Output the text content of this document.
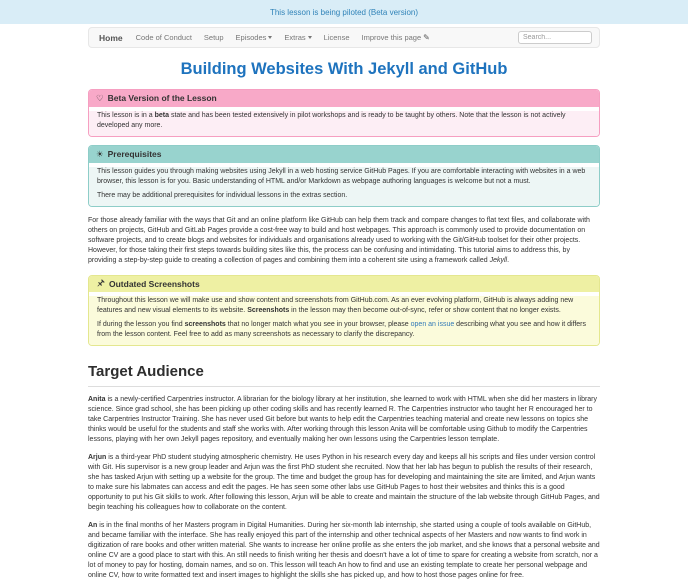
This lesson is being piloted (Beta version)
Home	Code of Conduct	Setup	Episodes	Extras	License	Improve this page ✎
Search...
Building Websites With Jekyll and GitHub
♡ Beta Version of the Lesson

This lesson is in a beta state and has been tested extensively in pilot workshops and is ready to be taught by others. Note that the lesson is not actively developed any more.

☀ Prerequisites

This lesson guides you through making websites using Jekyll in a web hosting service GitHub Pages. If you are comfortable interacting with websites in a web browser, this lesson is for you. Basic understanding of HTML and/or Markdown as webpage authoring languages is welcome but not a must.

There may be additional prerequisites for individual lessons in the extras section.

For those already familiar with the ways that Git and an online platform like GitHub can help them track and compare changes to flat text files, and collaborate with others on projects, GitHub and GitLab Pages provide a cost-free way to build and host webpages. This approach is commonly used to provide documentation on software projects, and to create blogs and websites for individuals and organisations already used to working with the Git/GitHub toolset for their other projects. However, for those taking their first steps towards building sites like this, the process can be confusing and intimidating. This tutorial aims to address this, by providing a step-by-step guide to creating a collection of pages and combining them into a coherent site using a framework called Jekyll.

Outdated Screenshots

Throughout this lesson we will make use and show content and screenshots from GitHub.com. As an ever evolving platform, GitHub is always adding new features and new visual elements to its website. Screenshots in the lesson may then become out-of-sync, refer or show content that no longer exists.

If during the lesson you find screenshots that no longer match what you see in your browser, please open an issue describing what you see and how it differs from the lesson content. Feel free to add as many screenshots as necessary to clarify the discrepancy.

Target Audience

Anita is a newly-certified Carpentries instructor. A librarian for the biology library at her institution, she learned to work with HTML when she did her masters in library science. Since grad school, she has been picking up other coding skills and has recently learned R. The Carpentries instructor who taught her R encouraged her to take Carpentries Instructor Training. She has never used Git before but wants to help edit the Carpentries teaching material and create new lessons on topics she thinks would be useful for the students and staff she works with. After working through this lesson Anita will be comfortable using Github to modify the Carpentries lessons, playing with her own Jekyll pages repository, and eventually making her own lessons using the Carpentries lesson template.

Arjun is a third-year PhD student studying atmospheric chemistry. He uses Python in his research every day and keeps all his scripts and files under version control with Git. His supervisor is a new group leader and Arjun was the first PhD student she recruited. Now that her lab has begun to publish the results of their research, she has tasked Arjun with setting up a website for the group. The time and budget the group has for developing and maintaining the site are limited, and Arjun wants to make sure his labmates can access and edit the pages. He has seen some other labs use GitHub Pages to host their websites and thinks this is a good opportunity to put his Git skills to work. After following this lesson, Arjun will be able to create and maintain the structure of the lab website through GitHub Pages, and begin teaching his colleagues how to collaborate on the content.

An is in the final months of her Masters program in Digital Humanities. During her six-month lab internship, she started using a couple of tools available on GitHub, and became familiar with the interface. She has really enjoyed this part of the internship and other technical aspects of her Masters and now wants to find work in digitization of rare books and other written material. She wants to increase her online profile as she enters the job market, and she knows that a personal website and online CV are a good place to start with this. An still needs to finish writing her thesis and doesn't have a lot of time to spare for creating a website from scratch, nor a lot of money to pay for hosting, domain names, and so on. This lesson will teach An how to find and use an existing template to create her personal webpage and online CV, how to write formatted text and insert images to highlight the skills she has picked up, and how to host those pages online for free.
